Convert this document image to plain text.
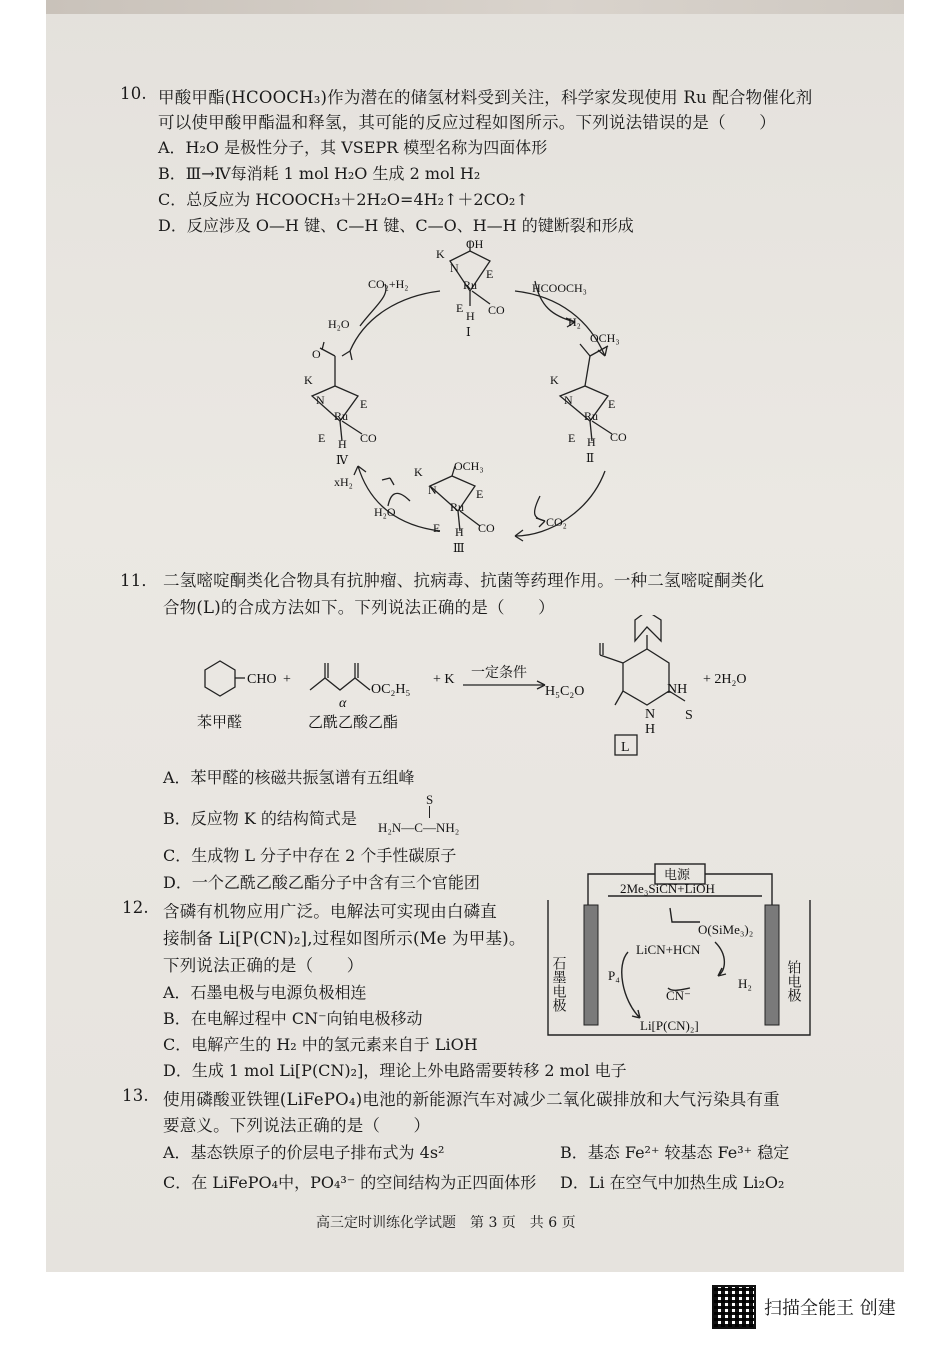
10. 甲酸甲酯(HCOOCH₃)作为潜在的储氢材料受到关注，科学家发现使用 Ru 配合物催化剂
可以使甲酸甲酯温和释氢，其可能的反应过程如图所示。下列说法错误的是（　　）
A．H₂O 是极性分子，其 VSEPR 模型名称为四面体形
B．Ⅲ→Ⅳ每消耗 1 mol H₂O 生成 2 mol H₂
C．总反应为 HCOOCH₃＋2H₂O=4H₂↑＋2CO₂↑
D．反应涉及 O—H 键、C—H 键、C—O、H—H 的键断裂和形成
OH
K
N E
Ru
E
H CO
Ⅰ	OCH₃
K
N	E
Ru
E H CO
Ⅱ
OCH₃
K
N	E
Ru
E H CO
Ⅲ
O
K
N	E
Ru
E H CO
Ⅳ
CO₂+H₂
H₂O
HCOOCH₃
H₂
CO₂
H₂O
xH₂
11． 二氢嘧啶酮类化合物具有抗肿瘤、抗病毒、抗菌等药理作用。一种二氢嘧啶酮类化
合物(L)的合成方法如下。下列说法正确的是（　　）
CHO +
OC₂H₅
α
+ K 一定条件
H₅C₂O	NH
N
H
S
+ 2H₂O
L
苯甲醛	乙酰乙酸乙酯
A．苯甲醛的核磁共振氢谱有五组峰
B．反应物 K 的结构简式是
S
H₂N—C—NH₂
C．生成物 L 分子中存在 2 个手性碳原子
D．一个乙酰乙酸乙酯分子中含有三个官能团
12. 含磷有机物应用广泛。电解法可实现由白磷直
接制备 Li[P(CN)₂],过程如图所示(Me 为甲基)。
下列说法正确的是（　　）
A．石墨电极与电源负极相连
B．在电解过程中 CN⁻向铂电极移动
C．电解产生的 H₂ 中的氢元素来自于 LiOH
D．生成 1 mol Li[P(CN)₂]，理论上外电路需要转移 2 mol 电子
电源
2Me₃SiCN+LiOH
O(SiMe₃)₂
LiCN+HCN
P₄
H₂
CN⁻
Li[P(CN)₂]
石墨电极	铂电极
13. 使用磷酸亚铁锂(LiFePO₄)电池的新能源汽车对减少二氧化碳排放和大气污染具有重
要意义。下列说法正确的是（　　）
A．基态铁原子的价层电子排布式为 4s²	B．基态 Fe²⁺ 较基态 Fe³⁺ 稳定
C．在 LiFePO₄中，PO₄³⁻ 的空间结构为正四面体形 D．Li 在空气中加热生成 Li₂O₂
高三定时训练化学试题　第 3 页　共 6 页
扫描全能王 创建
